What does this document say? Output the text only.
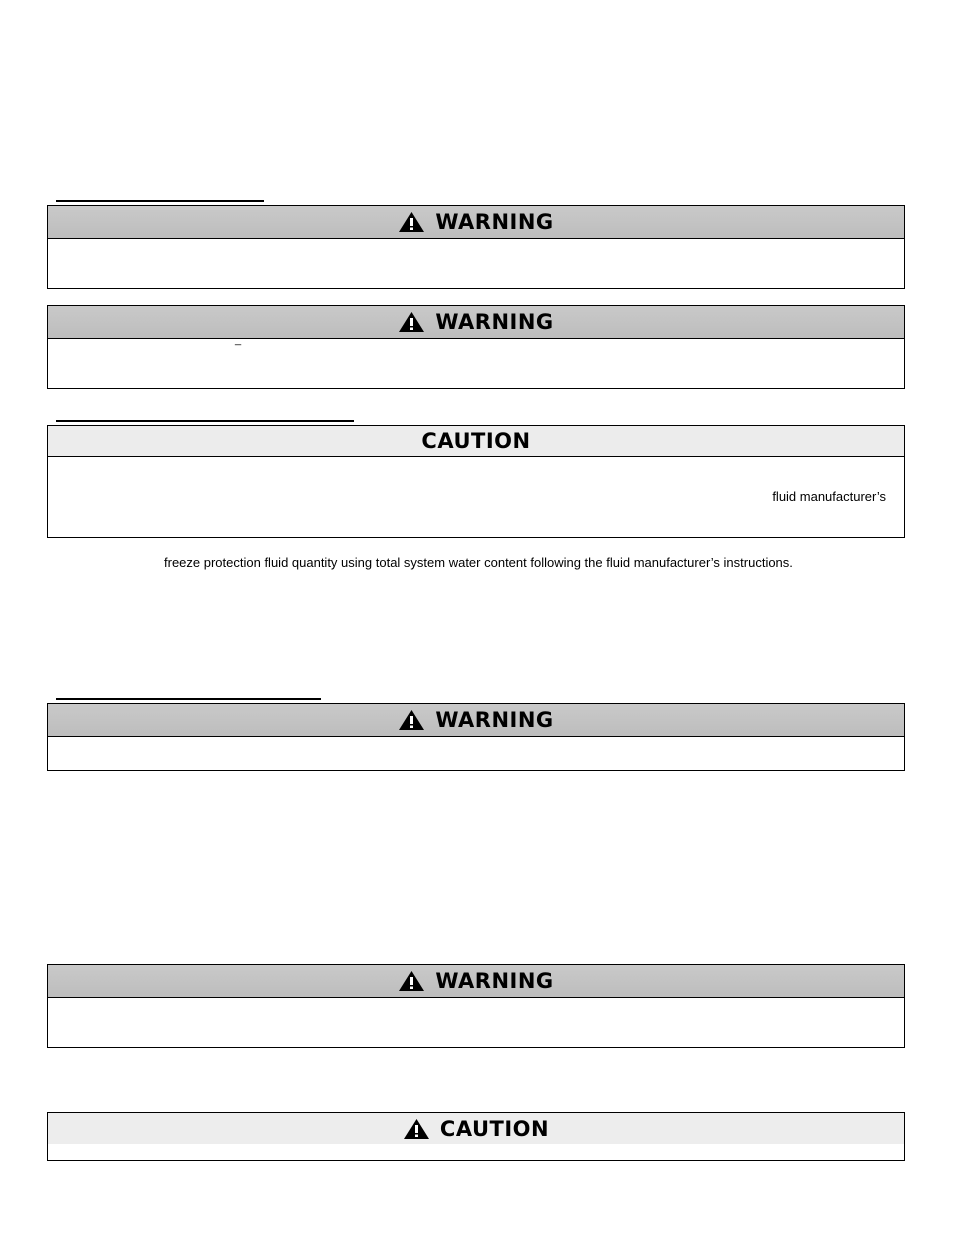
WARNING
WARNING
_
CAUTION
fluid manufacturer’s
freeze protection fluid quantity using total system water content following the fluid manufacturer’s instructions.
WARNING
WARNING
CAUTION
